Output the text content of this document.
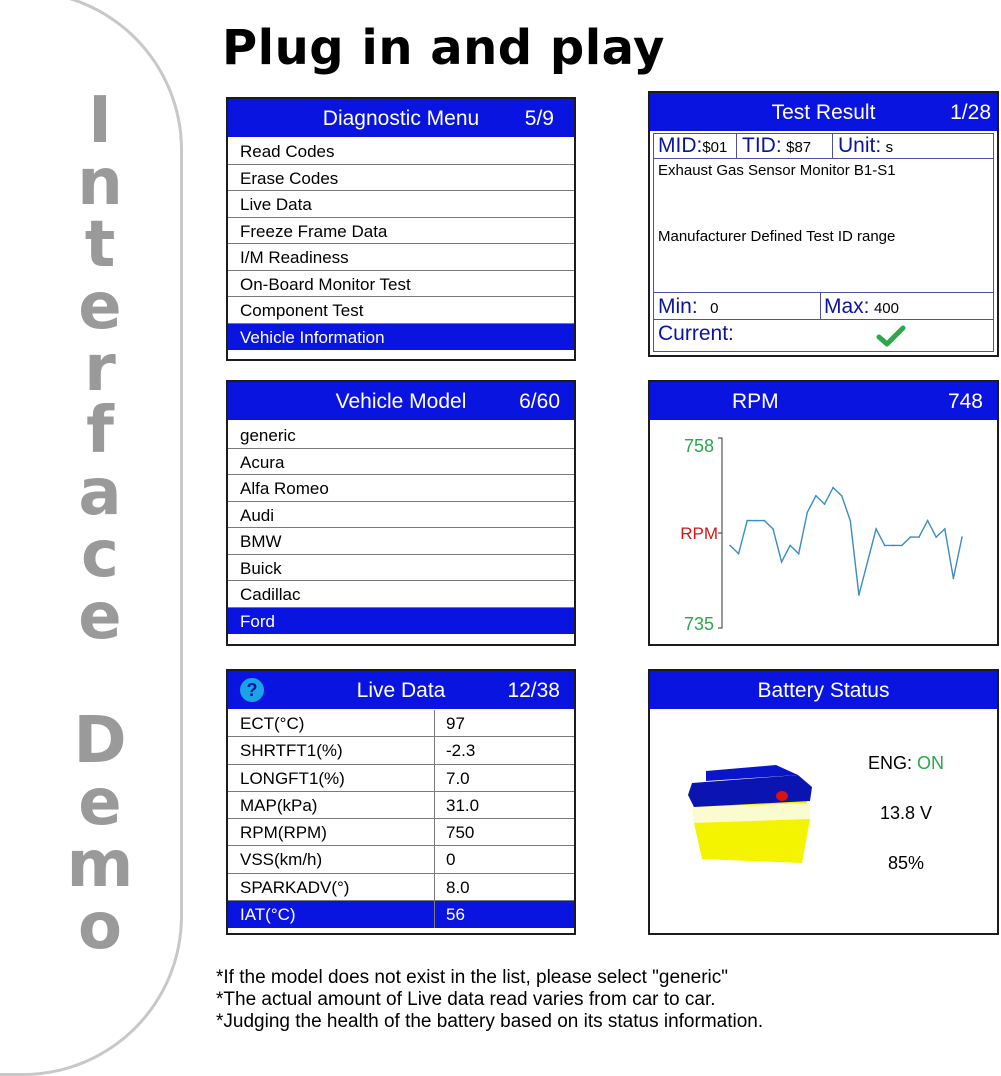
I
n
t
e
r
f
a
c
e
D
e
m
o
Plug in and play
Diagnostic Menu	5/9
Read Codes
Erase Codes
Live Data
Freeze Frame Data
I/M Readiness
On-Board Monitor Test
Component Test
Vehicle Information
Test Result	1/28
MID:$01 TID: $87 Unit: s
Exhaust Gas Sensor Monitor B1-S1
Manufacturer Defined Test ID range
Min: 0	Max: 400
Current:
Vehicle Model	6/60
generic
Acura
Alfa Romeo
Audi
BMW
Buick
Cadillac
Ford
RPM	748
758
RPM
735
?	Live Data	12/38
ECT(°C)	97
SHRTFT1(%)	-2.3
LONGFT1(%)	7.0
MAP(kPa)	31.0
RPM(RPM)	750
VSS(km/h)	0
SPARKADV(°)	8.0
IAT(°C)	56
Battery Status
ENG: ON
13.8 V
85%
*If the model does not exist in the list, please select "generic"
*The actual amount of Live data read varies from car to car.
*Judging the health of the battery based on its status information.
